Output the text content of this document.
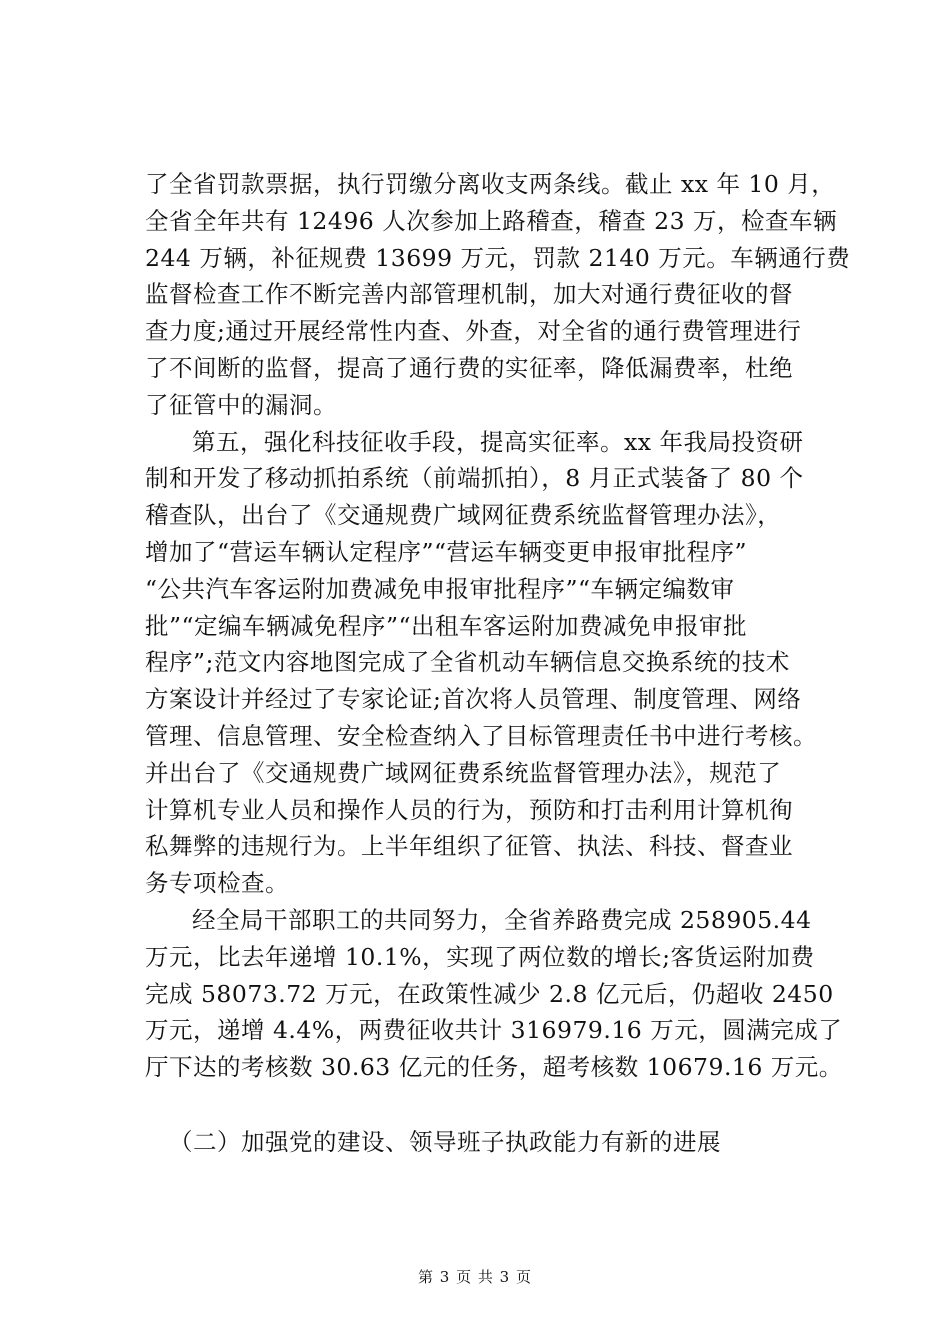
了全省罚款票据，执行罚缴分离收支两条线。截止 xx 年 10 月，
全省全年共有 12496 人次参加上路稽查，稽查 23 万，检查车辆
244 万辆，补征规费 13699 万元，罚款 2140 万元。车辆通行费
监督检查工作不断完善内部管理机制，加大对通行费征收的督
查力度;通过开展经常性内查、外查，对全省的通行费管理进行
了不间断的监督，提高了通行费的实征率，降低漏费率，杜绝
了征管中的漏洞。
第五，强化科技征收手段，提高实征率。xx 年我局投资研
制和开发了移动抓拍系统（前端抓拍），8 月正式装备了 80 个
稽查队，出台了《交通规费广域网征费系统监督管理办法》，
增加了“营运车辆认定程序”“营运车辆变更申报审批程序”
“公共汽车客运附加费减免申报审批程序”“车辆定编数审
批”“定编车辆减免程序”“出租车客运附加费减免申报审批
程序”;范文内容地图完成了全省机动车辆信息交换系统的技术
方案设计并经过了专家论证;首次将人员管理、制度管理、网络
管理、信息管理、安全检查纳入了目标管理责任书中进行考核。
并出台了《交通规费广域网征费系统监督管理办法》，规范了
计算机专业人员和操作人员的行为，预防和打击利用计算机徇
私舞弊的违规行为。上半年组织了征管、执法、科技、督查业
务专项检查。
经全局干部职工的共同努力，全省养路费完成 258905.44
万元，比去年递增 10.1%，实现了两位数的增长;客货运附加费
完成 58073.72 万元，在政策性减少 2.8 亿元后，仍超收 2450
万元，递增 4.4%，两费征收共计 316979.16 万元，圆满完成了
厅下达的考核数 30.63 亿元的任务，超考核数 10679.16 万元。
（二）加强党的建设、领导班子执政能力有新的进展
第 3 页 共 3 页
